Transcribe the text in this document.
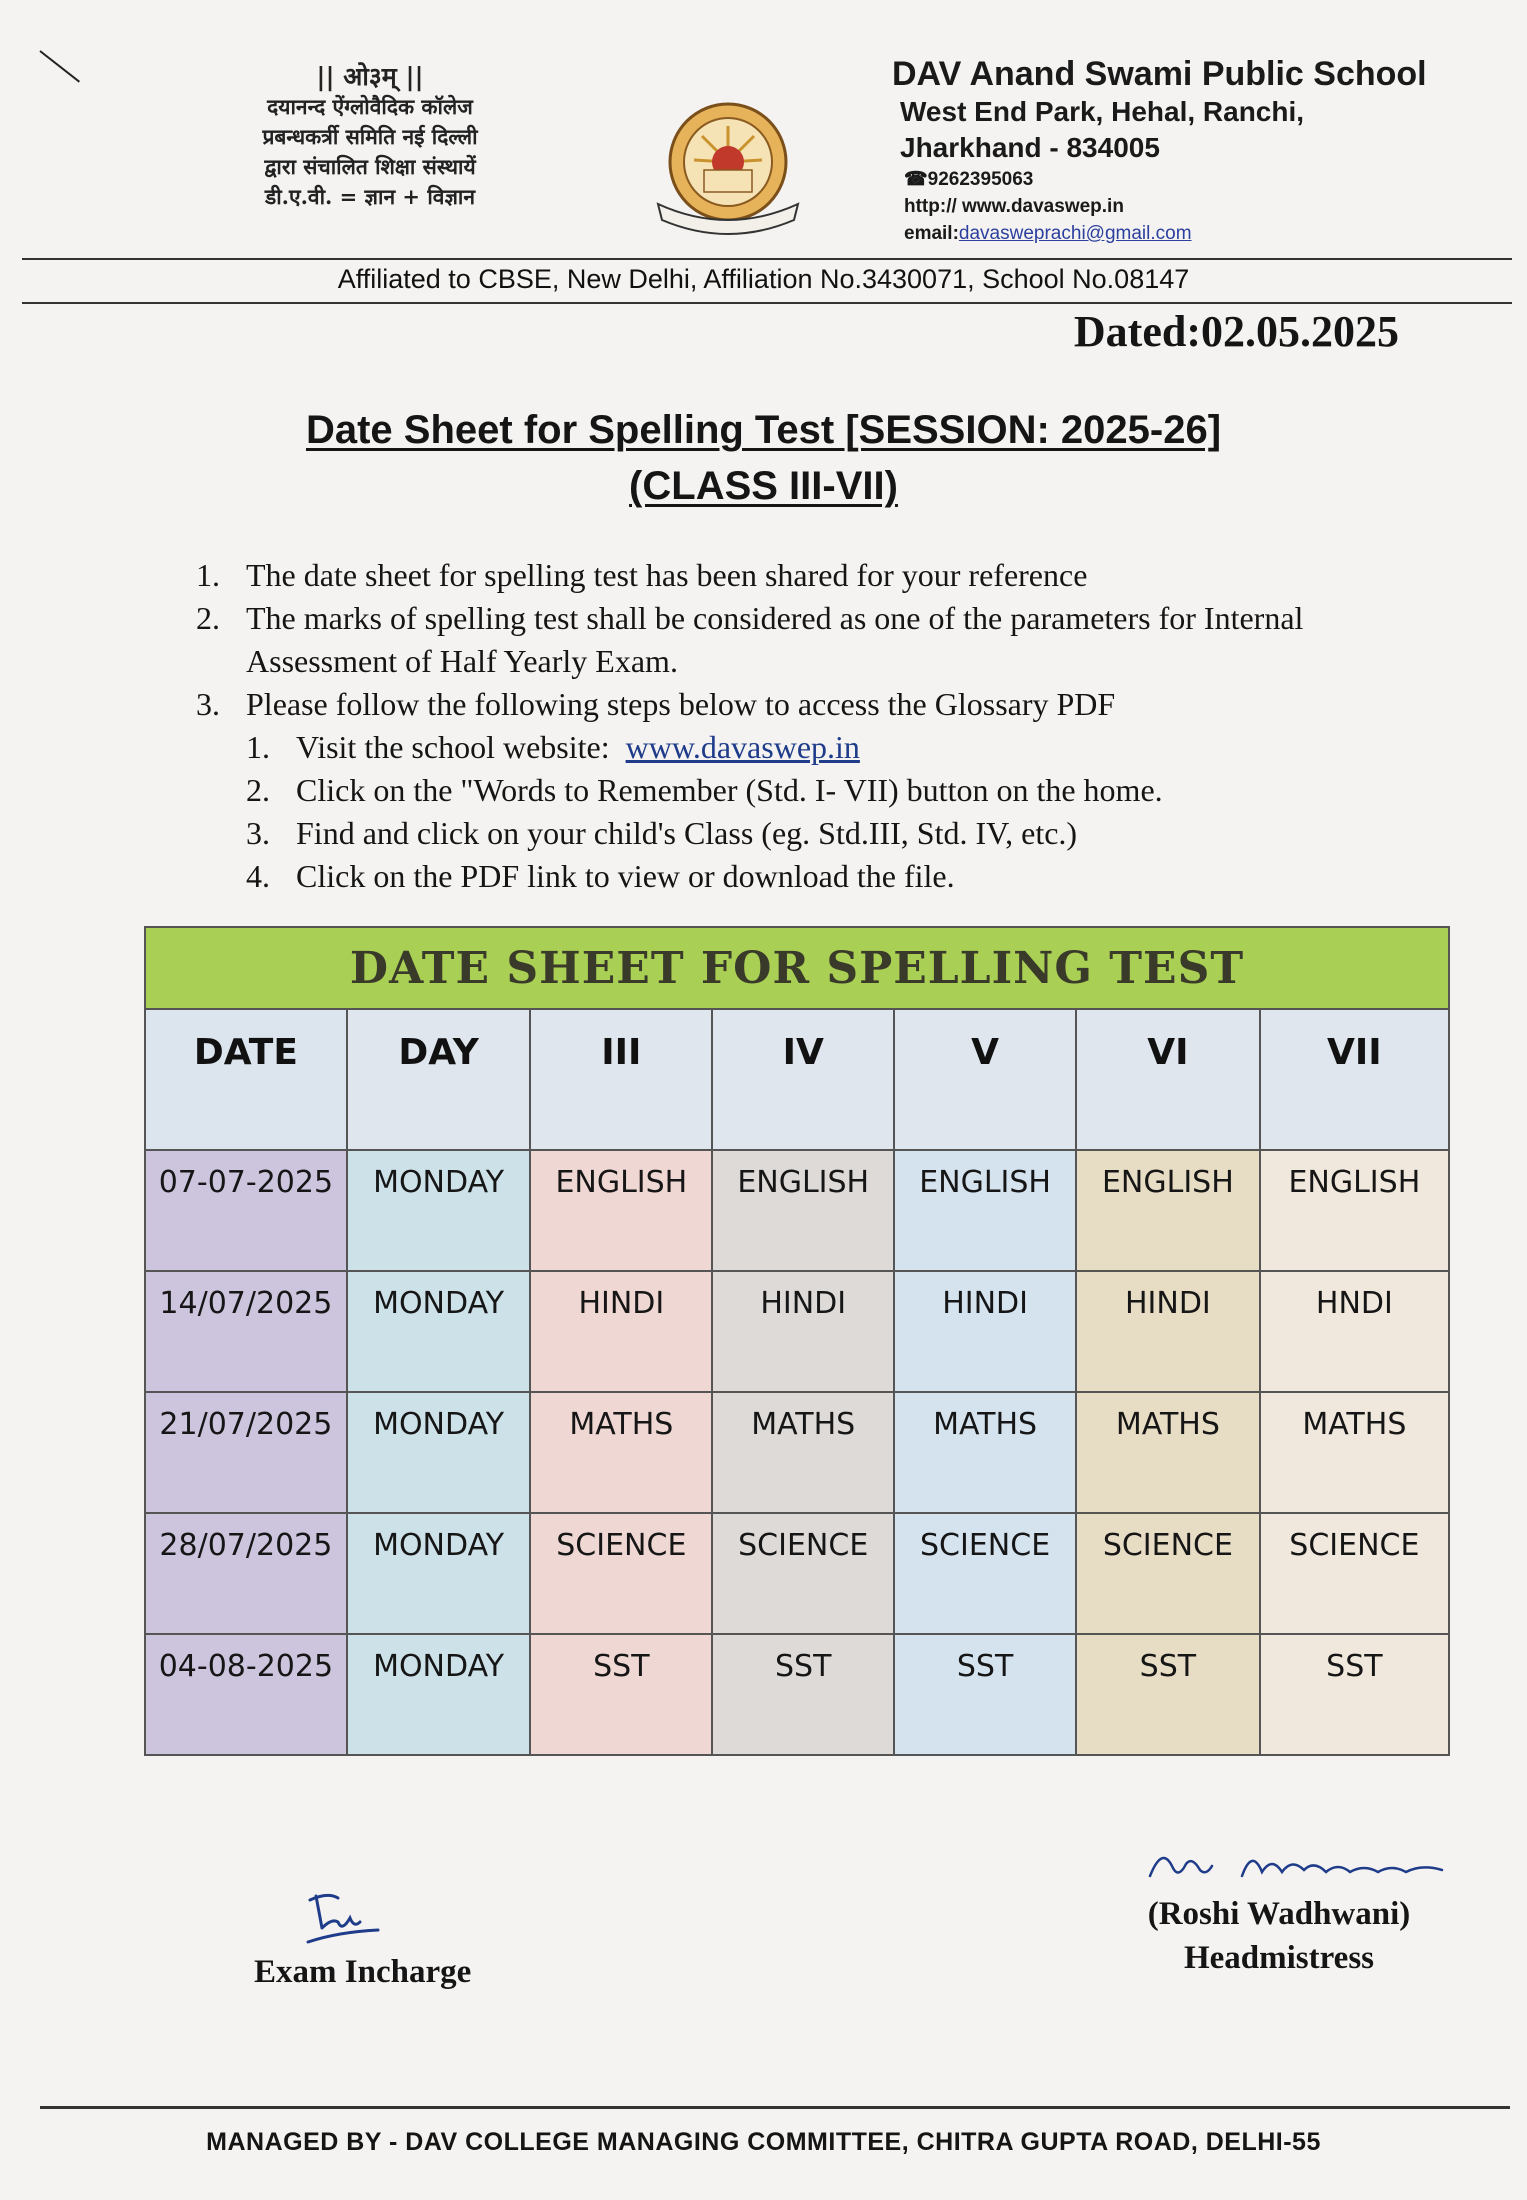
|| ओ३म् ||
दयानन्द ऐंग्लोवैदिक कॉलेज
प्रबन्धकर्त्री समिति नई दिल्ली
द्वारा संचालित शिक्षा संस्थायें
डी.ए.वी. = ज्ञान + विज्ञान
DAV Anand Swami Public School
West End Park, Hehal, Ranchi,
Jharkhand - 834005
☎9262395063
http:// www.davaswep.in
email:davasweprachi@gmail.com
Affiliated to CBSE, New Delhi, Affiliation No.3430071, School No.08147
Dated:02.05.2025
Date Sheet for Spelling Test [SESSION: 2025-26]
(CLASS III-VII)
1. The date sheet for spelling test has been shared for your reference
2. The marks of spelling test shall be considered as one of the parameters for Internal
Assessment of Half Yearly Exam.
3. Please follow the following steps below to access the Glossary PDF
1. Visit the school website:
www.davaswep.in
2. Click on the "Words to Remember (Std. I- VII) button on the home.
3. Find and click on your child's Class (eg. Std.III, Std. IV, etc.)
4. Click on the PDF link to view or download the file.
DATE SHEET FOR SPELLING TEST						
DATE	DAY	III	IV	V	VI	VII
07-07-2025	MONDAY	ENGLISH	ENGLISH	ENGLISH	ENGLISH	ENGLISH
14/07/2025	MONDAY	HINDI	HINDI	HINDI	HINDI	HNDI
21/07/2025	MONDAY	MATHS	MATHS	MATHS	MATHS	MATHS
28/07/2025	MONDAY	SCIENCE	SCIENCE	SCIENCE	SCIENCE	SCIENCE
04-08-2025	MONDAY	SST	SST	SST	SST	SST
Exam Incharge
(Roshi Wadhwani)
Headmistress
MANAGED BY - DAV COLLEGE MANAGING COMMITTEE, CHITRA GUPTA ROAD, DELHI-55
